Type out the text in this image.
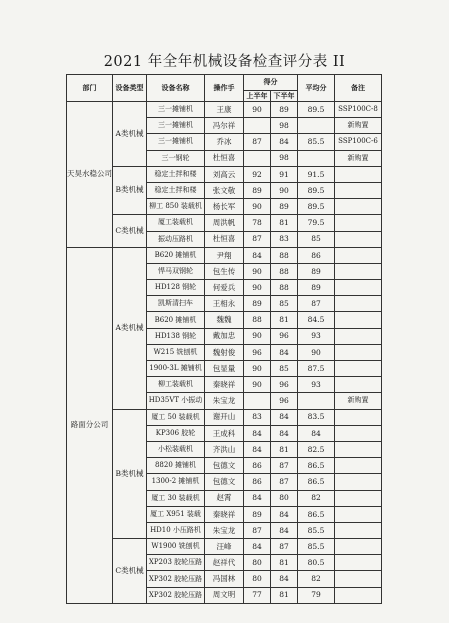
2021 年全年机械设备检查评分表 II
部门	设备类型	设备名称	操作手	得分		平均分	备注
				上半年	下半年		
天昊水稳公司	A类机械	三一摊铺机	王康	90	89	89.5	SSP100C-8
		三一摊铺机	冯尔祥		98		新购置
		三一摊铺机	乔冰	87	84	85.5	SSP100C-6
		三一钢轮	杜恒喜		98		新购置
	B类机械	稳定土拌和楼	刘高云	92	91	91.5	
		稳定土拌和楼	张文敬	89	90	89.5	
		柳工 850 装载机	杨长军	90	89	89.5	
	C类机械	厦工装载机	周洪帆	78	81	79.5	
		振动压路机	杜恒喜	87	83	85	
路面分公司	A类机械	B620 摊铺机	尹翔	84	88	86	
		悍马双钢轮	包生传	90	88	89	
		HD128 钢轮	何爱兵	90	88	89	
		凯斯清扫车	王相永	89	85	87	
		B620 摊铺机	魏魏	88	81	84.5	
		HD138 钢轮	戴加忠	90	96	93	
		W215 铣刨机	魏射俊	96	84	90	
		1900-3L 摊铺机	包显量	90	85	87.5	
		柳工装载机	秦晓祥	90	96	93	
		HD35VT 小振动	朱宝龙		96		新购置
	B类机械	厦工 50 装载机	谢开山	83	84	83.5	
		KP306 胶轮	王成科	84	84	84	
		小松装载机	齐洪山	84	81	82.5	
		8820 摊铺机	包德文	86	87	86.5	
		1300-2 摊铺机	包德文	86	87	86.5	
		厦工 30 装载机	赵霄	84	80	82	
		厦工 X951 装载	秦晓祥	89	84	86.5	
		HD10 小压路机	朱宝龙	87	84	85.5	
	C类机械	W1900 铣刨机	汪峰	84	87	85.5	
		XP203 胶轮压路	赵祥代	80	81	80.5	
		XP302 胶轮压路	冯国林	80	84	82	
		XP302 胶轮压路	周文明	77	81	79	
